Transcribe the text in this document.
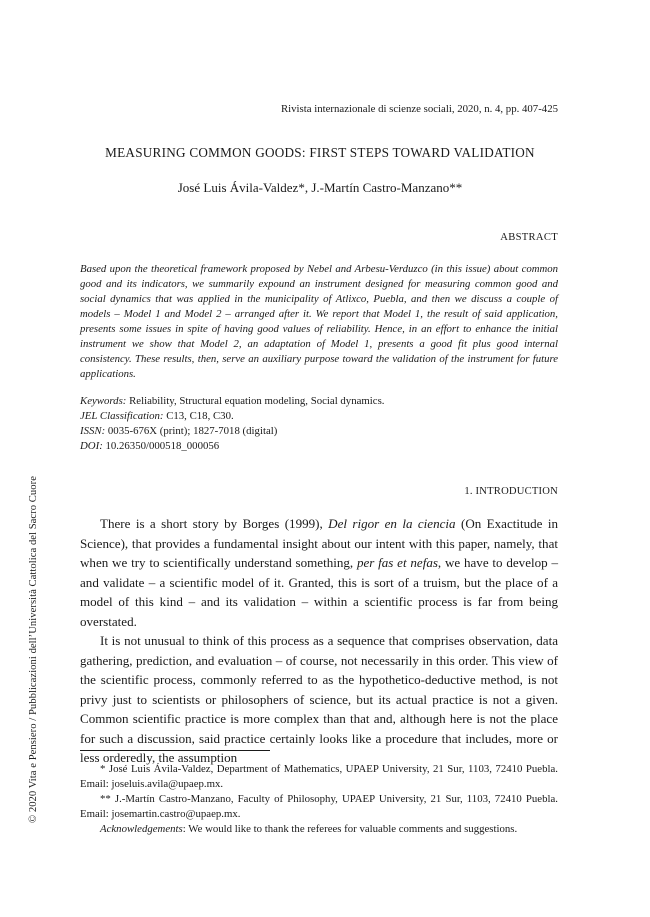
© 2020 Vita e Pensiero / Pubblicazioni dell’Università Cattolica del Sacro Cuore
Rivista internazionale di scienze sociali, 2020, n. 4, pp. 407-425
MEASURING COMMON GOODS: FIRST STEPS TOWARD VALIDATION
José Luis Ávila-Valdez*, J.-Martín Castro-Manzano**
ABSTRACT
Based upon the theoretical framework proposed by Nebel and Arbesu-Verduzco (in this issue) about common good and its indicators, we summarily expound an instrument designed for measuring common good and social dynamics that was applied in the municipality of Atlixco, Puebla, and then we discuss a couple of models – Model 1 and Model 2 – arranged after it. We report that Model 1, the result of said application, presents some issues in spite of having good values of reliability. Hence, in an effort to enhance the initial instrument we show that Model 2, an adaptation of Model 1, presents a good fit plus good internal consistency. These results, then, serve an auxiliary purpose toward the validation of the instrument for future applications.
Keywords: Reliability, Structural equation modeling, Social dynamics.
JEL Classification: C13, C18, C30.
ISSN: 0035-676X (print); 1827-7018 (digital)
DOI: 10.26350/000518_000056
1. INTRODUCTION

There is a short story by Borges (1999), Del rigor en la ciencia (On Exactitude in Science), that provides a fundamental insight about our intent with this paper, namely, that when we try to scientifically understand something, per fas et nefas, we have to develop – and validate – a scientific model of it. Granted, this is sort of a truism, but the place of a model of this kind – and its validation – within a scientific process is far from being overstated.

It is not unusual to think of this process as a sequence that comprises observation, data gathering, prediction, and evaluation – of course, not necessarily in this order. This view of the scientific process, commonly referred to as the hypothetico-deductive method, is not privy just to scientists or philosophers of science, but its actual practice is not a given. Common scientific practice is more complex than that and, although here is not the place for such a discussion, said practice certainly looks like a procedure that includes, more or less orderedly, the assumption

* José Luis Ávila-Valdez, Department of Mathematics, UPAEP University, 21 Sur, 1103, 72410 Puebla. Email: joseluis.avila@upaep.mx.

** J.-Martín Castro-Manzano, Faculty of Philosophy, UPAEP University, 21 Sur, 1103, 72410 Puebla. Email: josemartin.castro@upaep.mx.

Acknowledgements: We would like to thank the referees for valuable comments and suggestions.
